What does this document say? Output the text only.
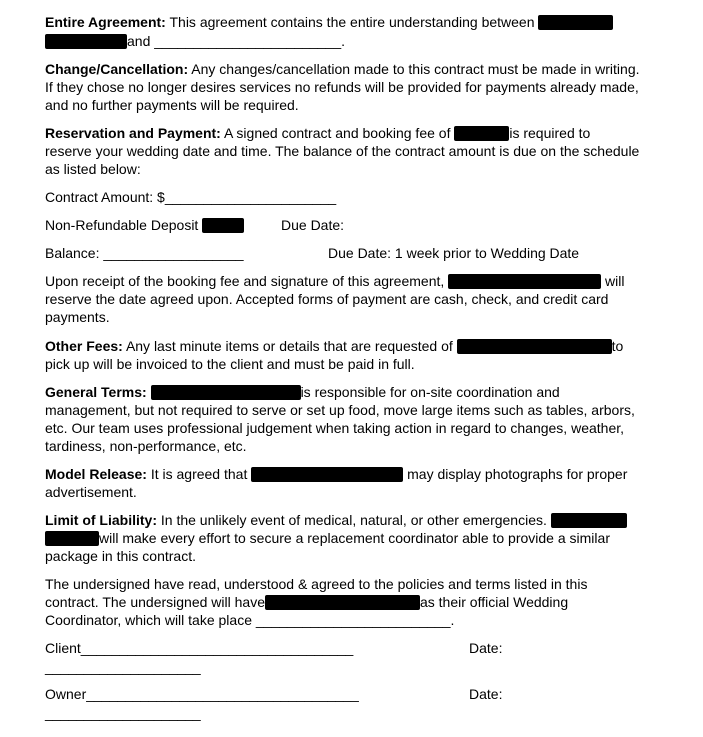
Entire Agreement: This agreement contains the entire understanding between
and ________________________.
Change/Cancellation: Any changes/cancellation made to this contract must be made in writing.
If they chose no longer desires services no refunds will be provided for payments already made,
and no further payments will be required.
Reservation and Payment: A signed contract and booking fee of	is required to
reserve your wedding date and time. The balance of the contract amount is due on the schedule
as listed below:
Contract Amount: $______________________
Non-Refundable Deposit	Due Date:
Balance: __________________	Due Date: 1 week prior to Wedding Date
Upon receipt of the booking fee and signature of this agreement,	will
reserve the date agreed upon. Accepted forms of payment are cash, check, and credit card
payments.
Other Fees: Any last minute items or details that are requested of	to
pick up will be invoiced to the client and must be paid in full.
General Terms:	is responsible for on-site coordination and
management, but not required to serve or set up food, move large items such as tables, arbors,
etc. Our team uses professional judgement when taking action in regard to changes, weather,
tardiness, non-performance, etc.
Model Release: It is agreed that	may display photographs for proper
advertisement.
Limit of Liability: In the unlikely event of medical, natural, or other emergencies.
will make every effort to secure a replacement coordinator able to provide a similar
package in this contract.
The undersigned have read, understood & agreed to the policies and terms listed in this
contract. The undersigned will have	as their official Wedding
Coordinator, which will take place _________________________.
Client___________________________________	Date:
____________________
Owner___________________________________	Date:
____________________
